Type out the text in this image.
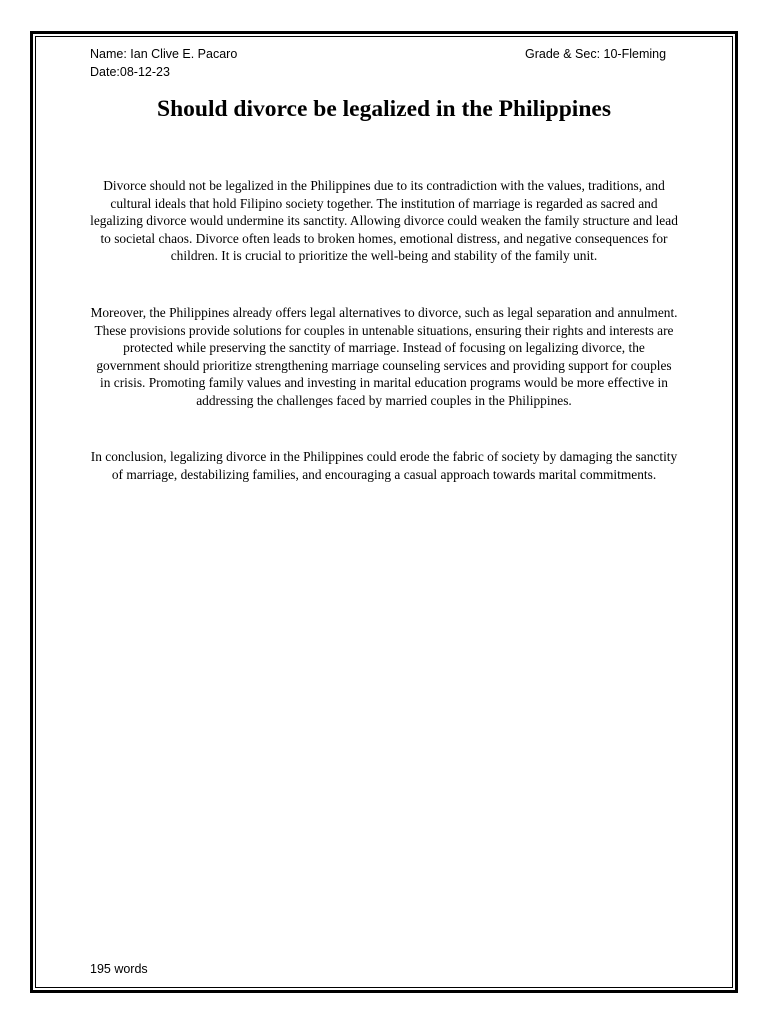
Name: Ian Clive E. Pacaro	Grade & Sec: 10-Fleming
Date:08-12-23
Should divorce be legalized in the Philippines

Divorce should not be legalized in the Philippines due to its contradiction with the values, traditions, and cultural ideals that hold Filipino society together. The institution of marriage is regarded as sacred and legalizing divorce would undermine its sanctity. Allowing divorce could weaken the family structure and lead to societal chaos. Divorce often leads to broken homes, emotional distress, and negative consequences for children. It is crucial to prioritize the well-being and stability of the family unit.

Moreover, the Philippines already offers legal alternatives to divorce, such as legal separation and annulment. These provisions provide solutions for couples in untenable situations, ensuring their rights and interests are protected while preserving the sanctity of marriage. Instead of focusing on legalizing divorce, the government should prioritize strengthening marriage counseling services and providing support for couples in crisis. Promoting family values and investing in marital education programs would be more effective in addressing the challenges faced by married couples in the Philippines.

In conclusion, legalizing divorce in the Philippines could erode the fabric of society by damaging the sanctity of marriage, destabilizing families, and encouraging a casual approach towards marital commitments.

195 words
